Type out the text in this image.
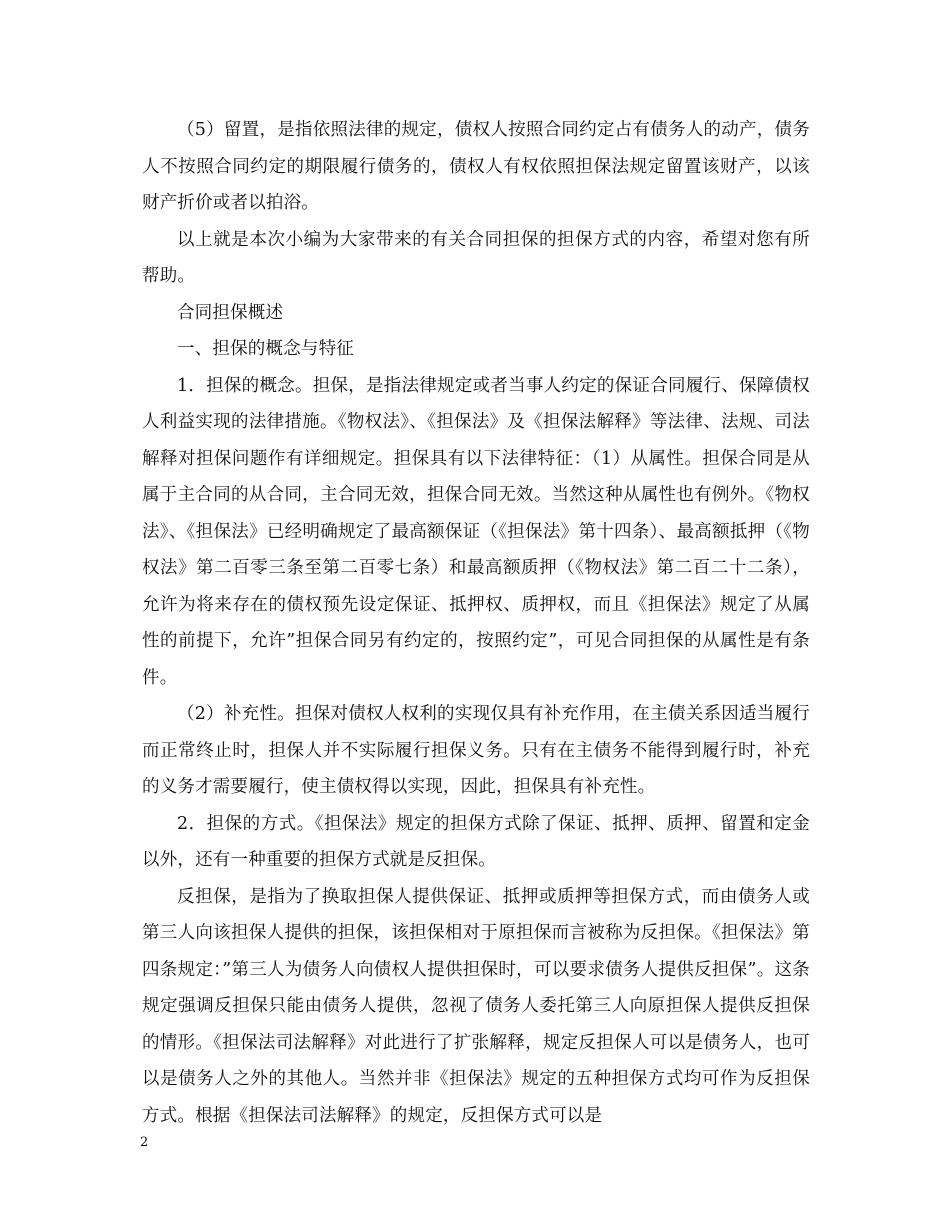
（5）留置，是指依照法律的规定，债权人按照合同约定占有债务人的动产，债务人不按照合同约定的期限履行债务的，债权人有权依照担保法规定留置该财产，以该财产折价或者以拍浴。

以上就是本次小编为大家带来的有关合同担保的担保方式的内容，希望对您有所帮助。

合同担保概述

一、担保的概念与特征

1．担保的概念。担保，是指法律规定或者当事人约定的保证合同履行、保障债权人利益实现的法律措施。《物权法》、《担保法》及《担保法解释》等法律、法规、司法解释对担保问题作有详细规定。担保具有以下法律特征：（1）从属性。担保合同是从属于主合同的从合同，主合同无效，担保合同无效。当然这种从属性也有例外。《物权法》、《担保法》已经明确规定了最高额保证（《担保法》第十四条）、最高额抵押（《物权法》第二百零三条至第二百零七条）和最高额质押（《物权法》第二百二十二条），允许为将来存在的债权预先设定保证、抵押权、质押权，而且《担保法》规定了从属性的前提下，允许”担保合同另有约定的，按照约定”，可见合同担保的从属性是有条件。

（2）补充性。担保对债权人权利的实现仅具有补充作用，在主债关系因适当履行而正常终止时，担保人并不实际履行担保义务。只有在主债务不能得到履行时，补充的义务才需要履行，使主债权得以实现，因此，担保具有补充性。

2．担保的方式。《担保法》规定的担保方式除了保证、抵押、质押、留置和定金以外，还有一种重要的担保方式就是反担保。

反担保，是指为了换取担保人提供保证、抵押或质押等担保方式，而由债务人或第三人向该担保人提供的担保，该担保相对于原担保而言被称为反担保。《担保法》第四条规定：”第三人为债务人向债权人提供担保时，可以要求债务人提供反担保”。这条规定强调反担保只能由债务人提供，忽视了债务人委托第三人向原担保人提供反担保的情形。《担保法司法解释》对此进行了扩张解释，规定反担保人可以是债务人，也可以是债务人之外的其他人。当然并非《担保法》规定的五种担保方式均可作为反担保方式。根据《担保法司法解释》的规定，反担保方式可以是

2
